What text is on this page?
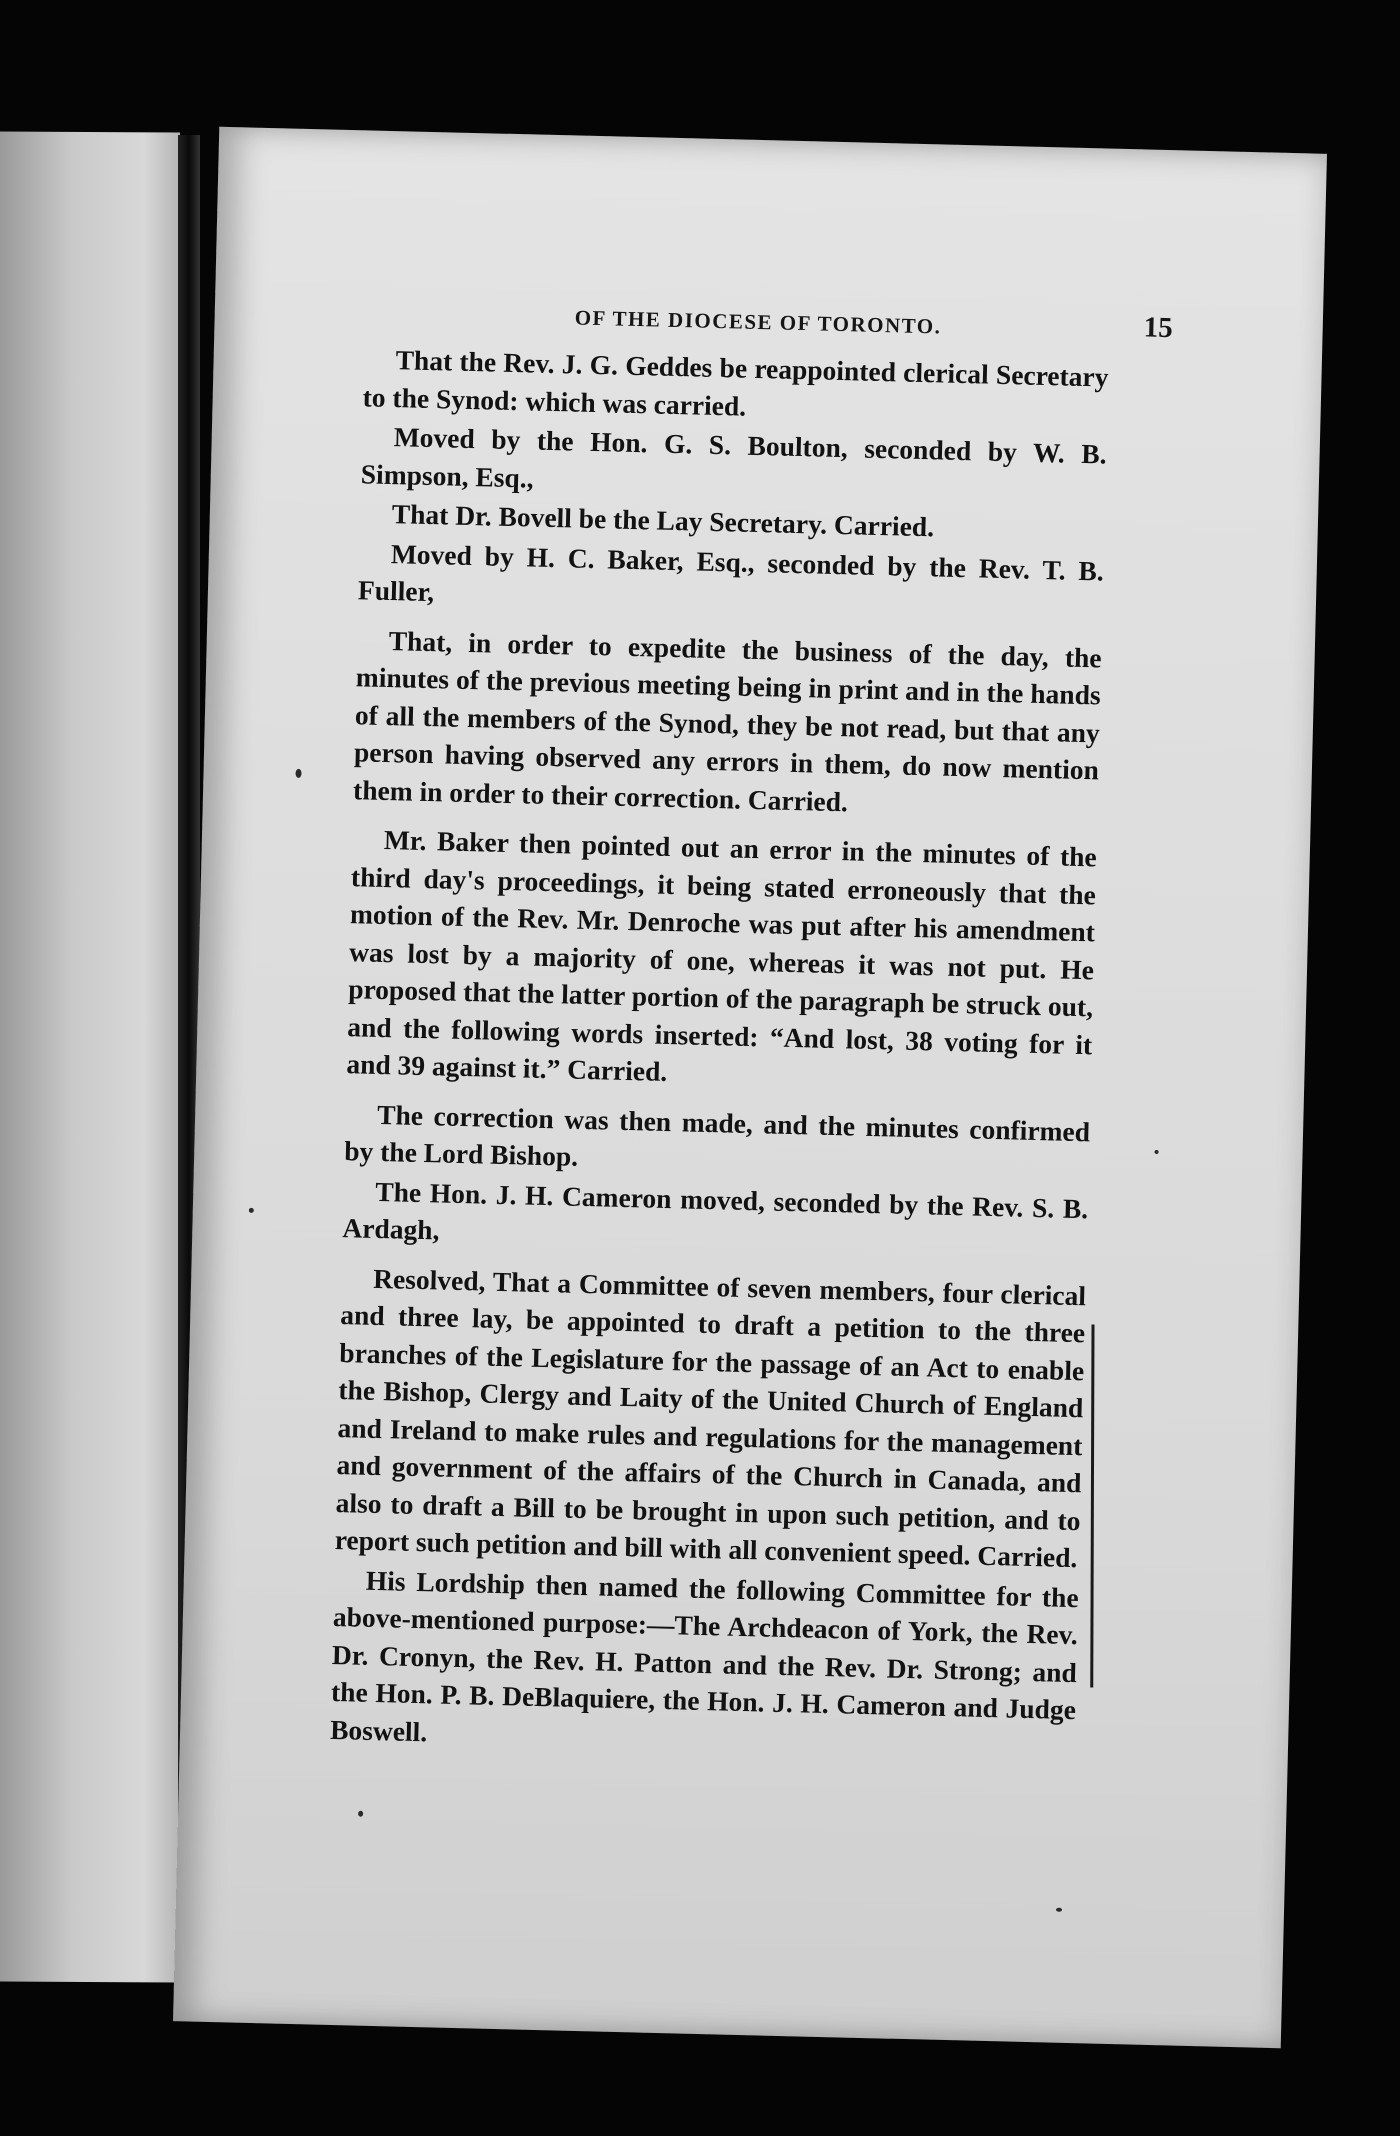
OF THE DIOCESE OF TORONTO.	15

That the Rev. J. G. Geddes be reappointed clerical Secretary to the Synod: which was carried.

Moved by the Hon. G. S. Boulton, seconded by W. B. Simpson, Esq.,

That Dr. Bovell be the Lay Secretary. Carried.

Moved by H. C. Baker, Esq., seconded by the Rev. T. B. Fuller,

That, in order to expedite the business of the day, the minutes of the previous meeting being in print and in the hands of all the members of the Synod, they be not read, but that any person having observed any errors in them, do now mention them in order to their correction. Carried.

Mr. Baker then pointed out an error in the minutes of the third day's proceedings, it being stated erroneously that the motion of the Rev. Mr. Denroche was put after his amendment was lost by a majority of one, whereas it was not put. He proposed that the latter portion of the paragraph be struck out, and the following words inserted: “And lost, 38 voting for it and 39 against it.” Carried.

The correction was then made, and the minutes confirmed by the Lord Bishop.

The Hon. J. H. Cameron moved, seconded by the Rev. S. B. Ardagh,

Resolved, That a Committee of seven members, four clerical and three lay, be appointed to draft a petition to the three branches of the Legislature for the passage of an Act to enable the Bishop, Clergy and Laity of the United Church of England and Ireland to make rules and regulations for the management and government of the affairs of the Church in Canada, and also to draft a Bill to be brought in upon such petition, and to report such petition and bill with all convenient speed. Carried.

His Lordship then named the following Committee for the above-mentioned purpose:—The Archdeacon of York, the Rev. Dr. Cronyn, the Rev. H. Patton and the Rev. Dr. Strong; and the Hon. P. B. DeBlaquiere, the Hon. J. H. Cameron and Judge Boswell.
